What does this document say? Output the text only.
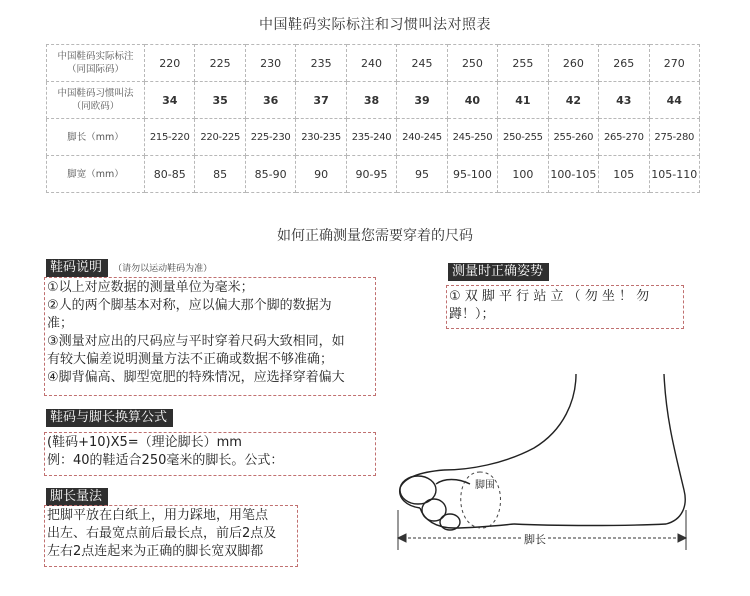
中国鞋码实际标注和习惯叫法对照表
中国鞋码实际标注
（同国际码）	220	225	230	235	240	245	250	255	260	265	270

中国鞋码习惯叫法
（同欧码）	34	35	36	37	38	39	40	41	42	43	44

脚长（mm）	215-220	220-225	225-230	230-235	235-240	240-245	245-250	250-255	255-260	265-270	275-280

脚宽（mm）	80-85	85	85-90	90	90-95	95	95-100	100	100-105	105	105-110
如何正确测量您需要穿着的尺码
鞋码说明 （请勿以运动鞋码为准）
①以上对应数据的测量单位为毫米；
②人的两个脚基本对称，应以偏大那个脚的数据为
准；
③测量对应出的尺码应与平时穿着尺码大致相同，如
有较大偏差说明测量方法不正确或数据不够准确；
④脚背偏高、脚型宽肥的特殊情况，应选择穿着偏大
鞋码与脚长换算公式
(鞋码+10)X5=（理论脚长）mm
例：40的鞋适合250毫米的脚长。公式：
脚长量法
把脚平放在白纸上，用力踩地，用笔点
出左、右最宽点前后最长点，前后2点及
左右2点连起来为正确的脚长宽双脚都
测量时正确姿势
① 双 脚 平 行 站 立 （ 勿 坐 ！ 勿
蹲！）；
脚长
脚围
